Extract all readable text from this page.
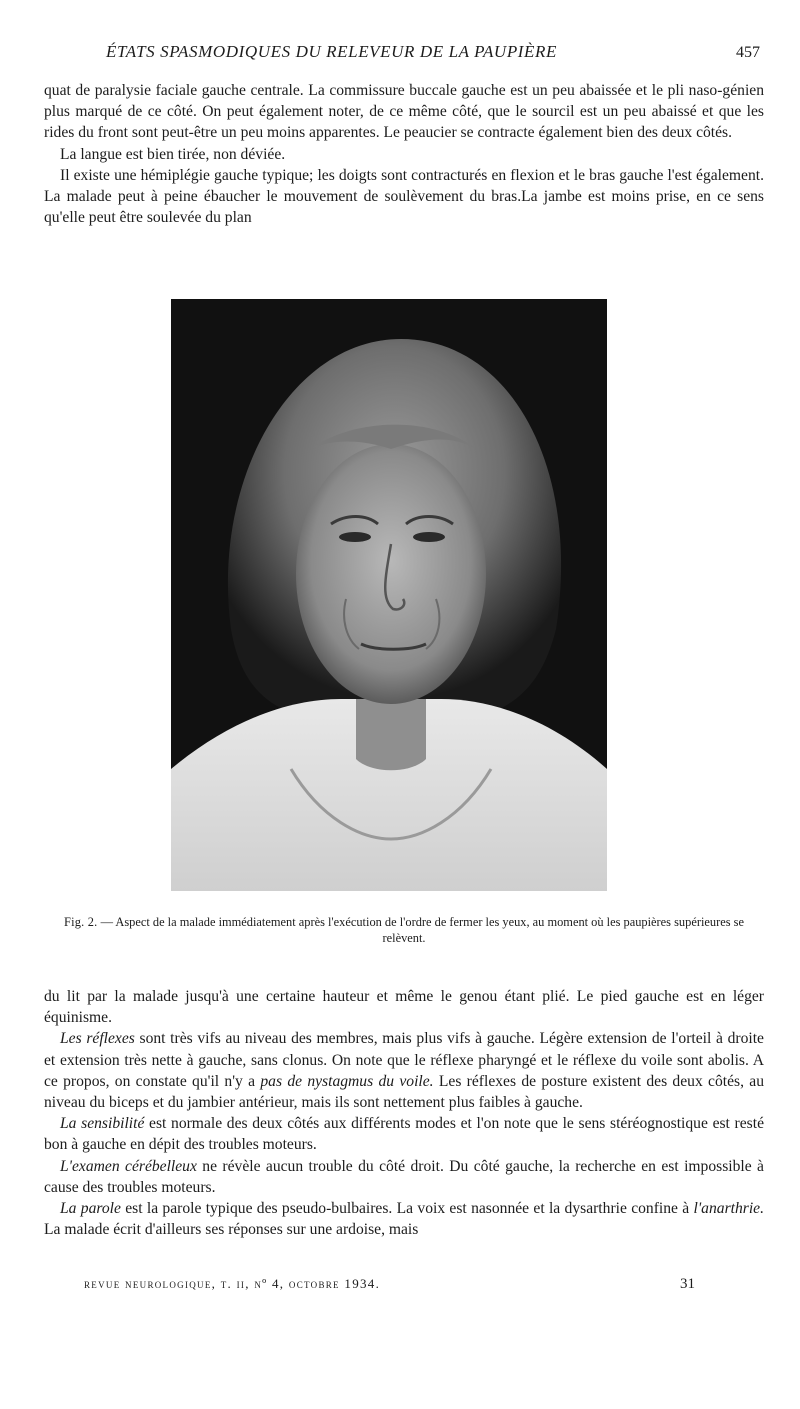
ÉTATS SPASMODIQUES DU RELEVEUR DE LA PAUPIÈRE	457

quat de paralysie faciale gauche centrale. La commissure buccale gauche est un peu abaissée et le pli naso-génien plus marqué de ce côté. On peut également noter, de ce même côté, que le sourcil est un peu abaissé et que les rides du front sont peut-être un peu moins apparentes. Le peaucier se contracte également bien des deux côtés.

La langue est bien tirée, non déviée.

Il existe une hémiplégie gauche typique; les doigts sont contracturés en flexion et le bras gauche l'est également. La malade peut à peine ébaucher le mouvement de soulèvement du bras.La jambe est moins prise, en ce sens qu'elle peut être soulevée du plan

Fig. 2. — Aspect de la malade immédiatement après l'exécution de l'ordre de fermer les yeux, au moment où les paupières supérieures se relèvent.

du lit par la malade jusqu'à une certaine hauteur et même le genou étant plié. Le pied gauche est en léger équinisme.

Les réflexes sont très vifs au niveau des membres, mais plus vifs à gauche. Légère extension de l'orteil à droite et extension très nette à gauche, sans clonus. On note que le réflexe pharyngé et le réflexe du voile sont abolis. A ce propos, on constate qu'il n'y a pas de nystagmus du voile. Les réflexes de posture existent des deux côtés, au niveau du biceps et du jambier antérieur, mais ils sont nettement plus faibles à gauche.

La sensibilité est normale des deux côtés aux différents modes et l'on note que le sens stéréognostique est resté bon à gauche en dépit des troubles moteurs.

L'examen cérébelleux ne révèle aucun trouble du côté droit. Du côté gauche, la recherche en est impossible à cause des troubles moteurs.

La parole est la parole typique des pseudo-bulbaires. La voix est nasonnée et la dysarthrie confine à l'anarthrie. La malade écrit d'ailleurs ses réponses sur une ardoise, mais

revue neurologique, t. ii, nº 4, octobre 1934.	31
